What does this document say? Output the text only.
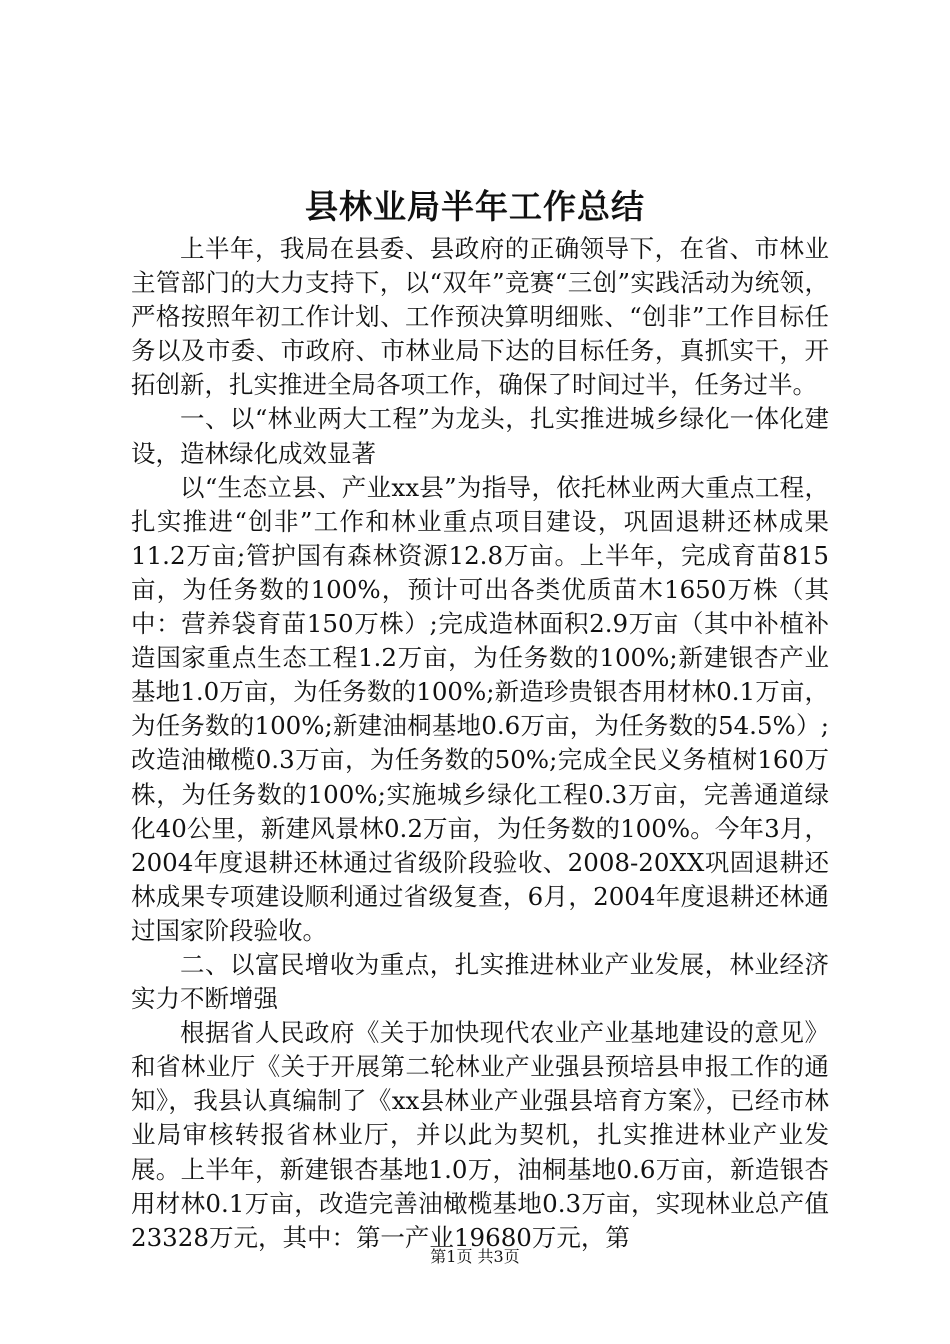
县林业局半年工作总结

上半年，我局在县委、县政府的正确领导下，在省、市林业主管部门的大力支持下，以“双年”竞赛“三创”实践活动为统领，严格按照年初工作计划、工作预决算明细账、“创非”工作目标任务以及市委、市政府、市林业局下达的目标任务，真抓实干，开拓创新，扎实推进全局各项工作，确保了时间过半，任务过半。

一、以“林业两大工程”为龙头，扎实推进城乡绿化一体化建设，造林绿化成效显著

以“生态立县、产业xx县”为指导，依托林业两大重点工程，扎实推进“创非”工作和林业重点项目建设，巩固退耕还林成果11.2万亩;管护国有森林资源12.8万亩。上半年，完成育苗815亩，为任务数的100%，预计可出各类优质苗木1650万株（其中：营养袋育苗150万株）;完成造林面积2.9万亩（其中补植补造国家重点生态工程1.2万亩，为任务数的100%;新建银杏产业基地1.0万亩，为任务数的100%;新造珍贵银杏用材林0.1万亩，为任务数的100%;新建油桐基地0.6万亩，为任务数的54.5%）;改造油橄榄0.3万亩，为任务数的50%;完成全民义务植树160万株，为任务数的100%;实施城乡绿化工程0.3万亩，完善通道绿化40公里，新建风景林0.2万亩，为任务数的100%。今年3月，2004年度退耕还林通过省级阶段验收、2008-20XX巩固退耕还林成果专项建设顺利通过省级复查，6月，2004年度退耕还林通过国家阶段验收。

二、以富民增收为重点，扎实推进林业产业发展，林业经济实力不断增强

根据省人民政府《关于加快现代农业产业基地建设的意见》和省林业厅《关于开展第二轮林业产业强县预培县申报工作的通知》，我县认真编制了《xx县林业产业强县培育方案》，已经市林业局审核转报省林业厅，并以此为契机，扎实推进林业产业发展。上半年，新建银杏基地1.0万，油桐基地0.6万亩，新造银杏用材林0.1万亩，改造完善油橄榄基地0.3万亩，实现林业总产值23328万元，其中：第一产业19680万元，第

第1页 共3页
